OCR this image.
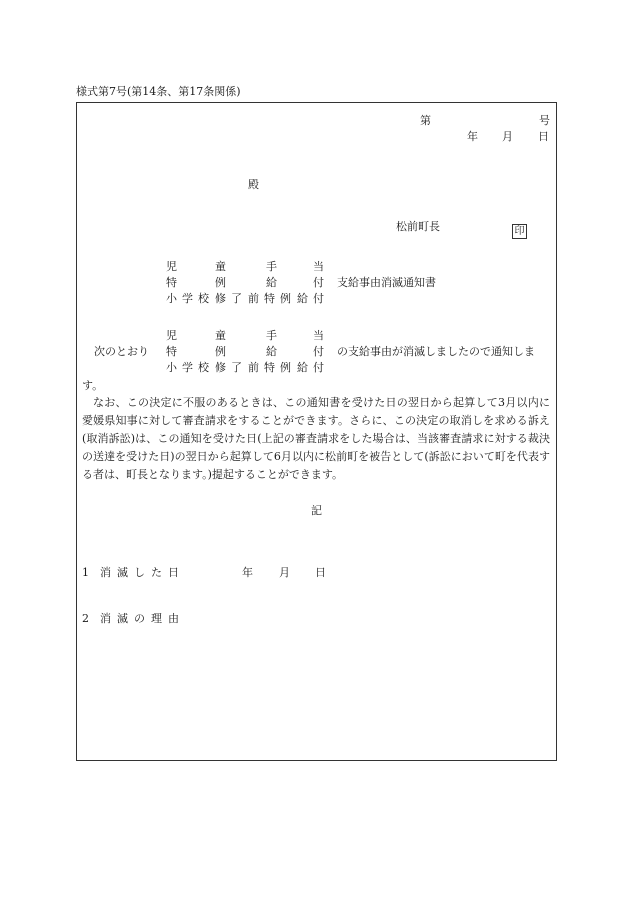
様式第7号(第14条、第17条関係)
第	号
年 月 日
殿
松前町長	印
児	童	手	当
特	例	給	付
小 学 校 修 了 前 特 例 給 付
支給事由消滅通知書
児	童	手	当
特	例	給	付
小 学 校 修 了 前 特 例 給 付
次のとおり	の支給事由が消滅しましたので通知しま
す。

なお、この決定に不服のあるときは、この通知書を受けた日の翌日から起算して3月以内に愛媛県知事に対して審査請求をすることができます。さらに、この決定の取消しを求める訴え(取消訴訟)は、この通知を受けた日(上記の審査請求をした場合は、当該審査請求に対する裁決の送達を受けた日)の翌日から起算して6月以内に松前町を被告として(訴訟において町を代表する者は、町長となります。)提起することができます。

記
1 消滅した日	年 月 日
2 消滅の理由
